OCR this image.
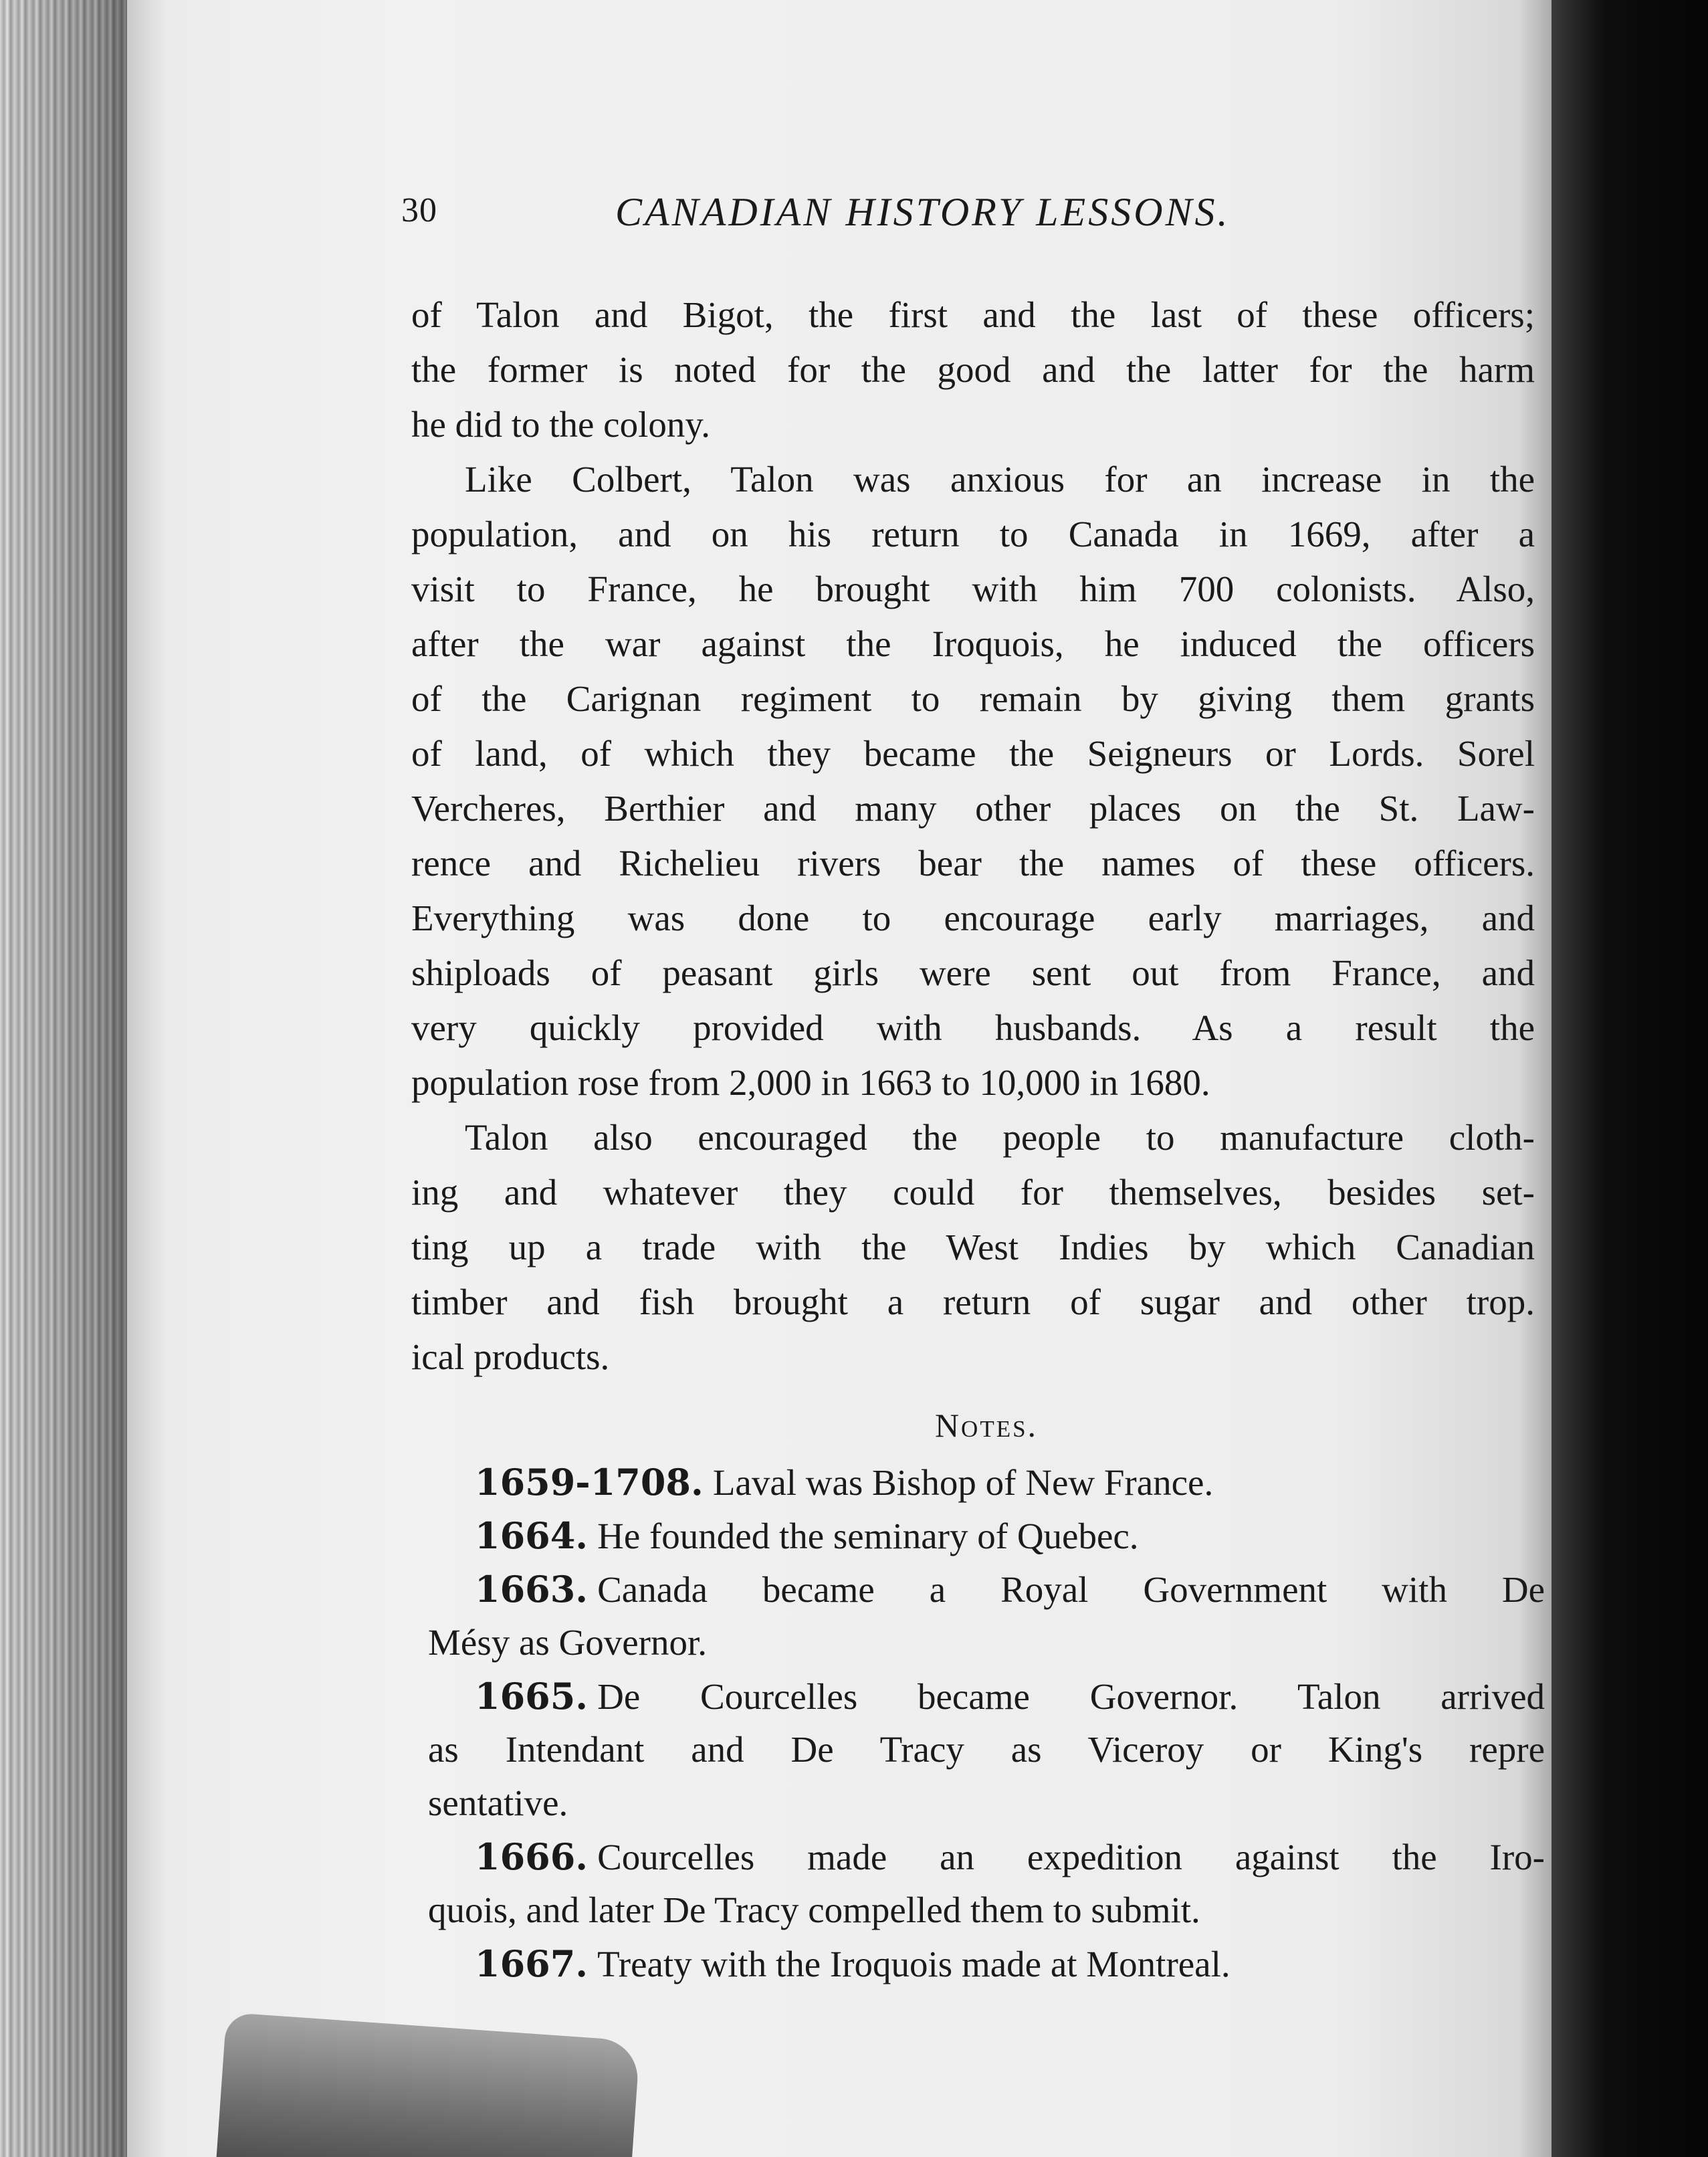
30	CANADIAN HISTORY LESSONS.
of Talon and Bigot, the first and the last of these officers;
the former is noted for the good and the latter for the harm
he did to the colony.
Like Colbert, Talon was anxious for an increase in the
population, and on his return to Canada in 1669, after a
visit to France, he brought with him 700 colonists. Also,
after the war against the Iroquois, he induced the officers
of the Carignan regiment to remain by giving them grants
of land, of which they became the Seigneurs or Lords. Sorel
Vercheres, Berthier and many other places on the St. Law-
rence and Richelieu rivers bear the names of these officers.
Everything was done to encourage early marriages, and
shiploads of peasant girls were sent out from France, and
very quickly provided with husbands. As a result the
population rose from 2,000 in 1663 to 10,000 in 1680.
Talon also encouraged the people to manufacture cloth-
ing and whatever they could for themselves, besides set-
ting up a trade with the West Indies by which Canadian
timber and fish brought a return of sugar and other trop.
ical products.
Notes.
1659-1708. Laval was Bishop of New France.
1664. He founded the seminary of Quebec.
1663. Canada became a Royal Government with De
Mésy as Governor.
1665. De Courcelles became Governor. Talon arrived
as Intendant and De Tracy as Viceroy or King's repre
sentative.
1666. Courcelles made an expedition against the Iro-
quois, and later De Tracy compelled them to submit.
1667. Treaty with the Iroquois made at Montreal.
